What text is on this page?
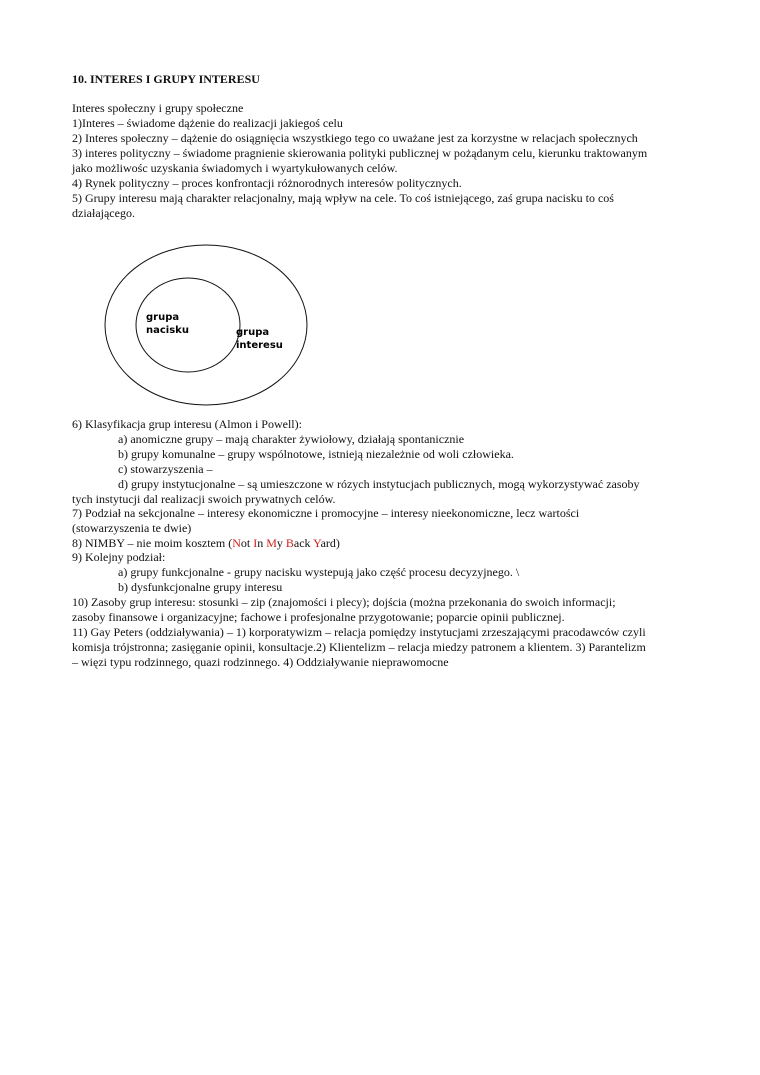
10. INTERES I GRUPY INTERESU
Interes społeczny i grupy społeczne
1)Interes – świadome dążenie do realizacji jakiegoś celu
2) Interes społeczny – dążenie do osiągnięcia wszystkiego tego co uważane jest za korzystne w relacjach społecznych
3) interes polityczny – świadome pragnienie skierowania polityki publicznej w pożądanym celu, kierunku traktowanym
jako możliwośc uzyskania świadomych i wyartykułowanych celów.
4) Rynek polityczny – proces konfrontacji różnorodnych interesów politycznych.
5) Grupy interesu mają charakter relacjonalny, mają wpływ na cele. To coś istniejącego, zaś grupa nacisku to coś
działającego.
grupa
nacisku	grupa
interesu
6) Klasyfikacja grup interesu (Almon i Powell):
a) anomiczne grupy – mają charakter żywiołowy, działają spontanicznie
b) grupy komunalne – grupy wspólnotowe, istnieją niezależnie od woli człowieka.
c) stowarzyszenia –
d) grupy instytucjonalne – są umieszczone w rózych instytucjach publicznych, mogą wykorzystywać zasoby
tych instytucji dal realizacji swoich prywatnych celów.
7) Podział na sekcjonalne – interesy ekonomiczne i promocyjne – interesy nieekonomiczne, lecz wartości
(stowarzyszenia te dwie)
8) NIMBY – nie moim kosztem (Not In My Back Yard)
9) Kolejny podział:
a) grupy funkcjonalne - grupy nacisku wystepują jako część procesu decyzyjnego. \
b) dysfunkcjonalne grupy interesu
10) Zasoby grup interesu: stosunki – zip (znajomości i plecy); dojścia (można przekonania do swoich informacji;
zasoby finansowe i organizacyjne; fachowe i profesjonalne przygotowanie; poparcie opinii publicznej.
11) Gay Peters (oddziaływania) – 1) korporatywizm – relacja pomiędzy instytucjami zrzeszającymi pracodawców czyli
komisja trójstronna; zasięganie opinii, konsultacje.2) Klientelizm – relacja miedzy patronem a klientem. 3) Parantelizm
– więzi typu rodzinnego, quazi rodzinnego. 4) Oddziaływanie nieprawomocne
